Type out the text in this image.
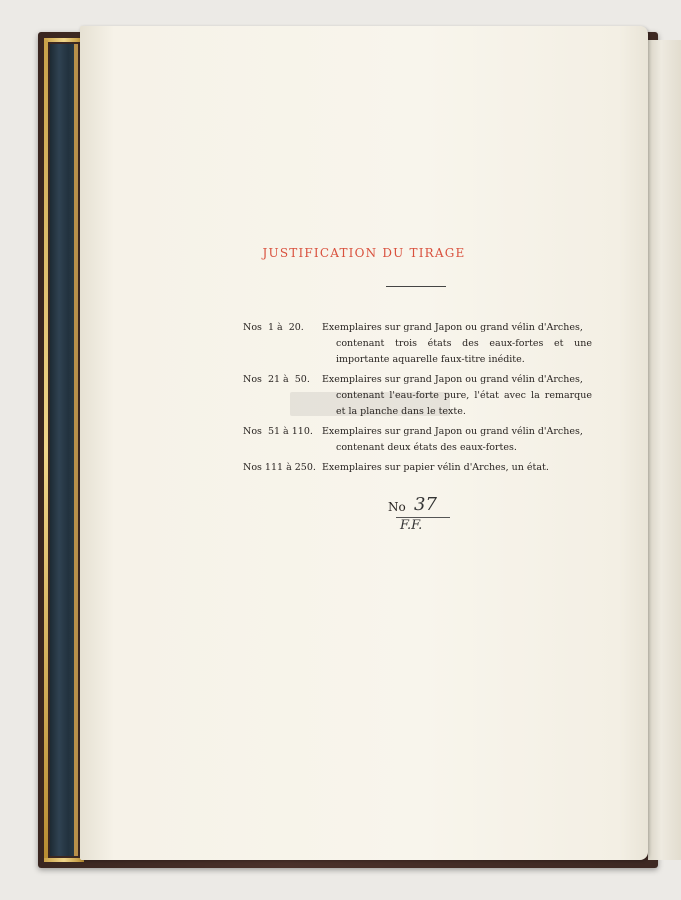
JUSTIFICATION DU TIRAGE
Nos  1 à  20. Exemplaires sur grand Japon ou grand vélin d'Arches,
contenant trois états des eaux-fortes et une importante aquarelle faux-titre inédite.
Nos  21 à  50. Exemplaires sur grand Japon ou grand vélin d'Arches,
contenant l'eau-forte pure, l'état avec la remarque et la planche dans le texte.
Nos  51 à 110. Exemplaires sur grand Japon ou grand vélin d'Arches,
contenant deux états des eaux-fortes.
Nos 111 à 250. Exemplaires sur papier vélin d'Arches, un état.
No 37
F.F.
